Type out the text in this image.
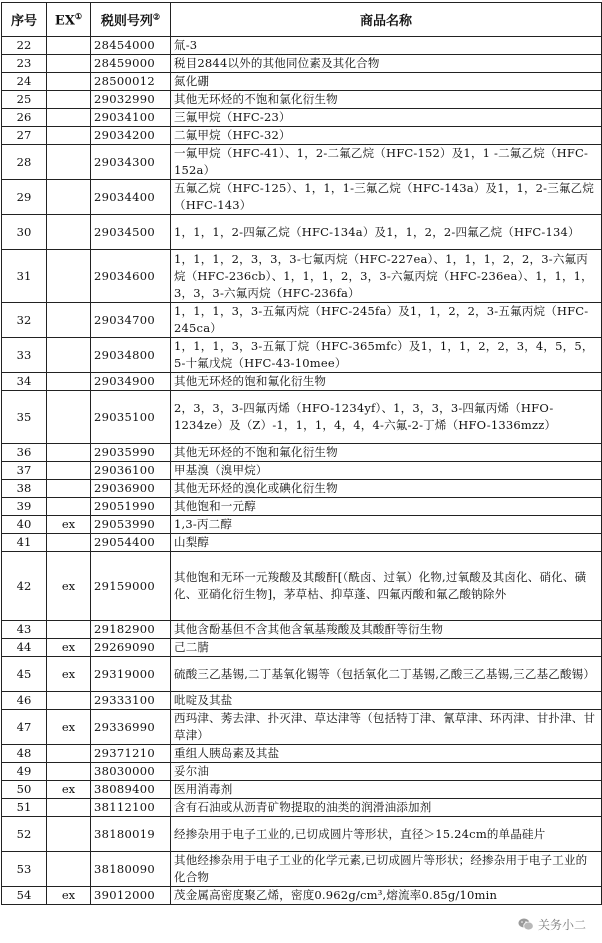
序号	EX①	税则号列②	商品名称
22		28454000	氚-3
23		28459000	税目2844以外的其他同位素及其化合物
24		28500012	氮化硼
25		29032990	其他无环烃的不饱和氯化衍生物
26		29034100	三氟甲烷（HFC-23）
27		29034200	二氟甲烷（HFC-32）
28		29034300	一氟甲烷（HFC-41）、1，2-二氟乙烷（HFC-152）及1，1 -二氟乙烷（HFC-152a）
29		29034400	五氟乙烷（HFC-125）、1，1，1-三氟乙烷（HFC-143a）及1，1，2-三氟乙烷（HFC-143）
30		29034500	1，1，1，2-四氟乙烷（HFC-134a）及1，1，2，2-四氟乙烷（HFC-134）
31		29034600	1，1，1，2，3，3，3-七氟丙烷（HFC-227ea）、1，1，1，2，2，3-六氟丙烷（HFC-236cb）、1，1，1，2，3，3-六氟丙烷（HFC-236ea）、1，1，1，3，3，3-六氟丙烷（HFC-236fa）
32		29034700	1，1，1，3，3-五氟丙烷（HFC-245fa）及1，1，2，2，3-五氟丙烷（HFC-245ca）
33		29034800	1，1，1，3，3-五氟丁烷（HFC-365mfc）及1，1，1，2，2，3，4，5，5，5-十氟戊烷（HFC-43-10mee）
34		29034900	其他无环烃的饱和氟化衍生物
35		29035100	2，3，3，3-四氟丙烯（HFO-1234yf）、1，3，3，3-四氟丙烯（HFO-1234ze）及（Z）-1，1，1，4，4，4-六氟-2-丁烯（HFO-1336mzz）
36		29035990	其他无环烃的不饱和氟化衍生物
37		29036100	甲基溴（溴甲烷）
38		29036900	其他无环烃的溴化或碘化衍生物
39		29051990	其他饱和一元醇
40	ex	29053990	1,3-丙二醇
41		29054400	山梨醇
42	ex	29159000	其他饱和无环一元羧酸及其酸酐[（酰卤、过氧）化物,过氧酸及其卤化、硝化、磺化、亚硝化衍生物]，茅草枯、抑草蓬、四氟丙酸和氟乙酸钠除外
43		29182900	其他含酚基但不含其他含氧基羧酸及其酸酐等衍生物
44	ex	29269090	己二腈
45	ex	29319000	硫酸三乙基锡,二丁基氧化锡等（包括氧化二丁基锡,乙酸三乙基锡,三乙基乙酸锡）
46		29333100	吡啶及其盐
47	ex	29336990	西玛津、莠去津、扑灭津、草达津等（包括特丁津、氰草津、环丙津、甘扑津、甘草津）
48		29371210	重组人胰岛素及其盐
49		38030000	妥尔油
50	ex	38089400	医用消毒剂
51		38112100	含有石油或从沥青矿物提取的油类的润滑油添加剂
52		38180019	经掺杂用于电子工业的,已切成圆片等形状，直径＞15.24cm的单晶硅片
53		38180090	其他经掺杂用于电子工业的化学元素,已切成圆片等形状；经掺杂用于电子工业的化合物
54	ex	39012000	茂金属高密度聚乙烯，密度0.962g/cm³,熔流率0.85g/10min
关务小二
